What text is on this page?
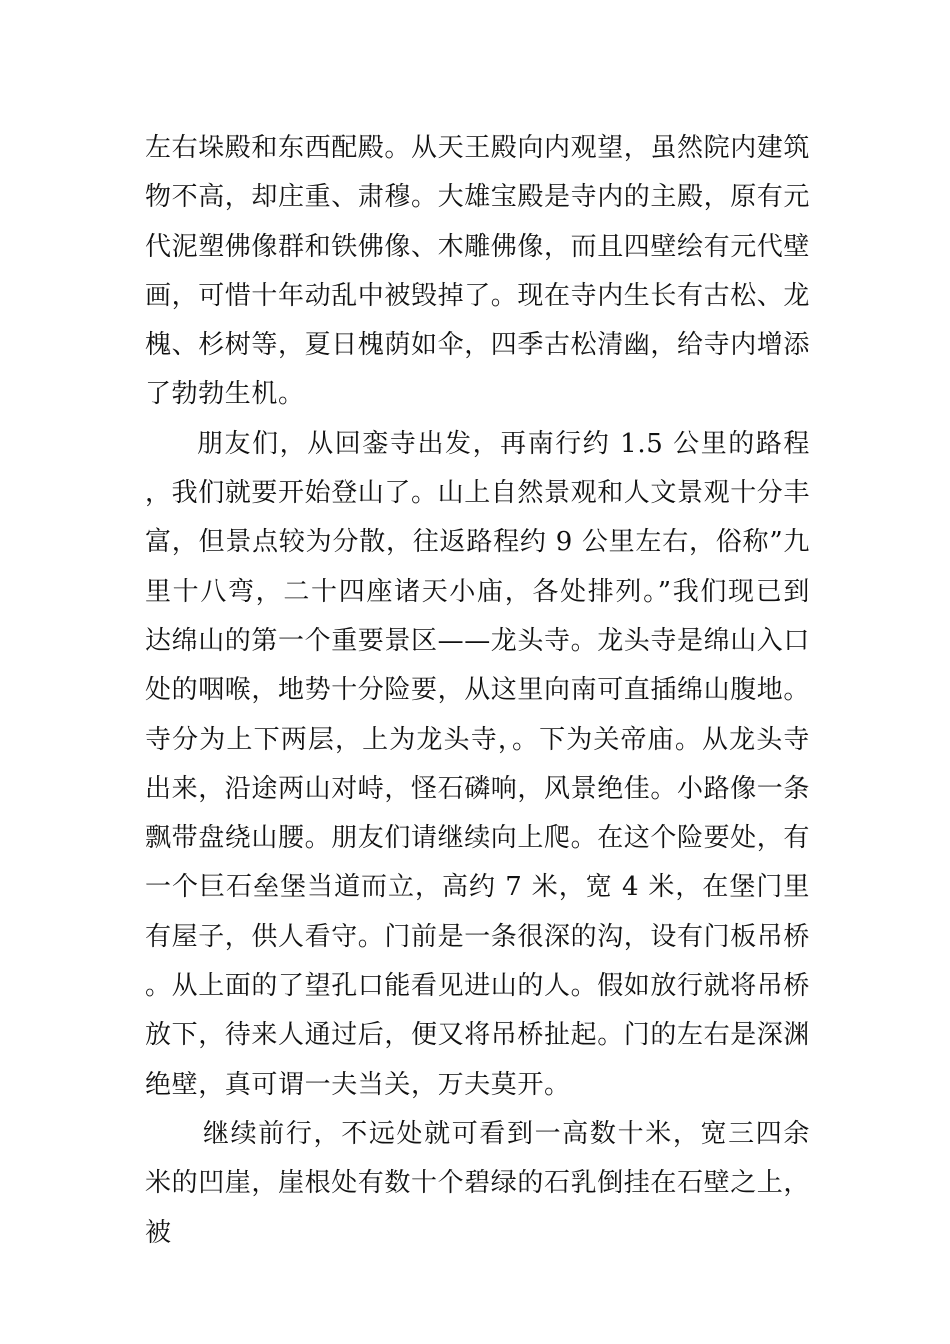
左右垛殿和东西配殿。从天王殿向内观望，虽然院内建筑物不高，却庄重、肃穆。大雄宝殿是寺内的主殿，原有元代泥塑佛像群和铁佛像、木雕佛像，而且四壁绘有元代壁画，可惜十年动乱中被毁掉了。现在寺内生长有古松、龙槐、杉树等，夏日槐荫如伞，四季古松清幽，给寺内增添了勃勃生机。

朋友们，从回銮寺出发，再南行约 1.5 公里的路程，我们就要开始登山了。山上自然景观和人文景观十分丰富，但景点较为分散，往返路程约 9 公里左右，俗称”九里十八弯，二十四座诸天小庙，各处排列。”我们现已到达绵山的第一个重要景区——龙头寺。龙头寺是绵山入口处的咽喉，地势十分险要，从这里向南可直插绵山腹地。寺分为上下两层，上为龙头寺，。下为关帝庙。从龙头寺出来，沿途两山对峙，怪石磷响，风景绝佳。小路像一条飘带盘绕山腰。朋友们请继续向上爬。在这个险要处，有一个巨石垒堡当道而立，高约 7 米，宽 4 米，在堡门里有屋子，供人看守。门前是一条很深的沟，设有门板吊桥。从上面的了望孔口能看见进山的人。假如放行就将吊桥放下，待来人通过后，便又将吊桥扯起。门的左右是深渊绝壁，真可谓一夫当关，万夫莫开。

继续前行，不远处就可看到一高数十米，宽三四余米的凹崖，崖根处有数十个碧绿的石乳倒挂在石壁之上，被
